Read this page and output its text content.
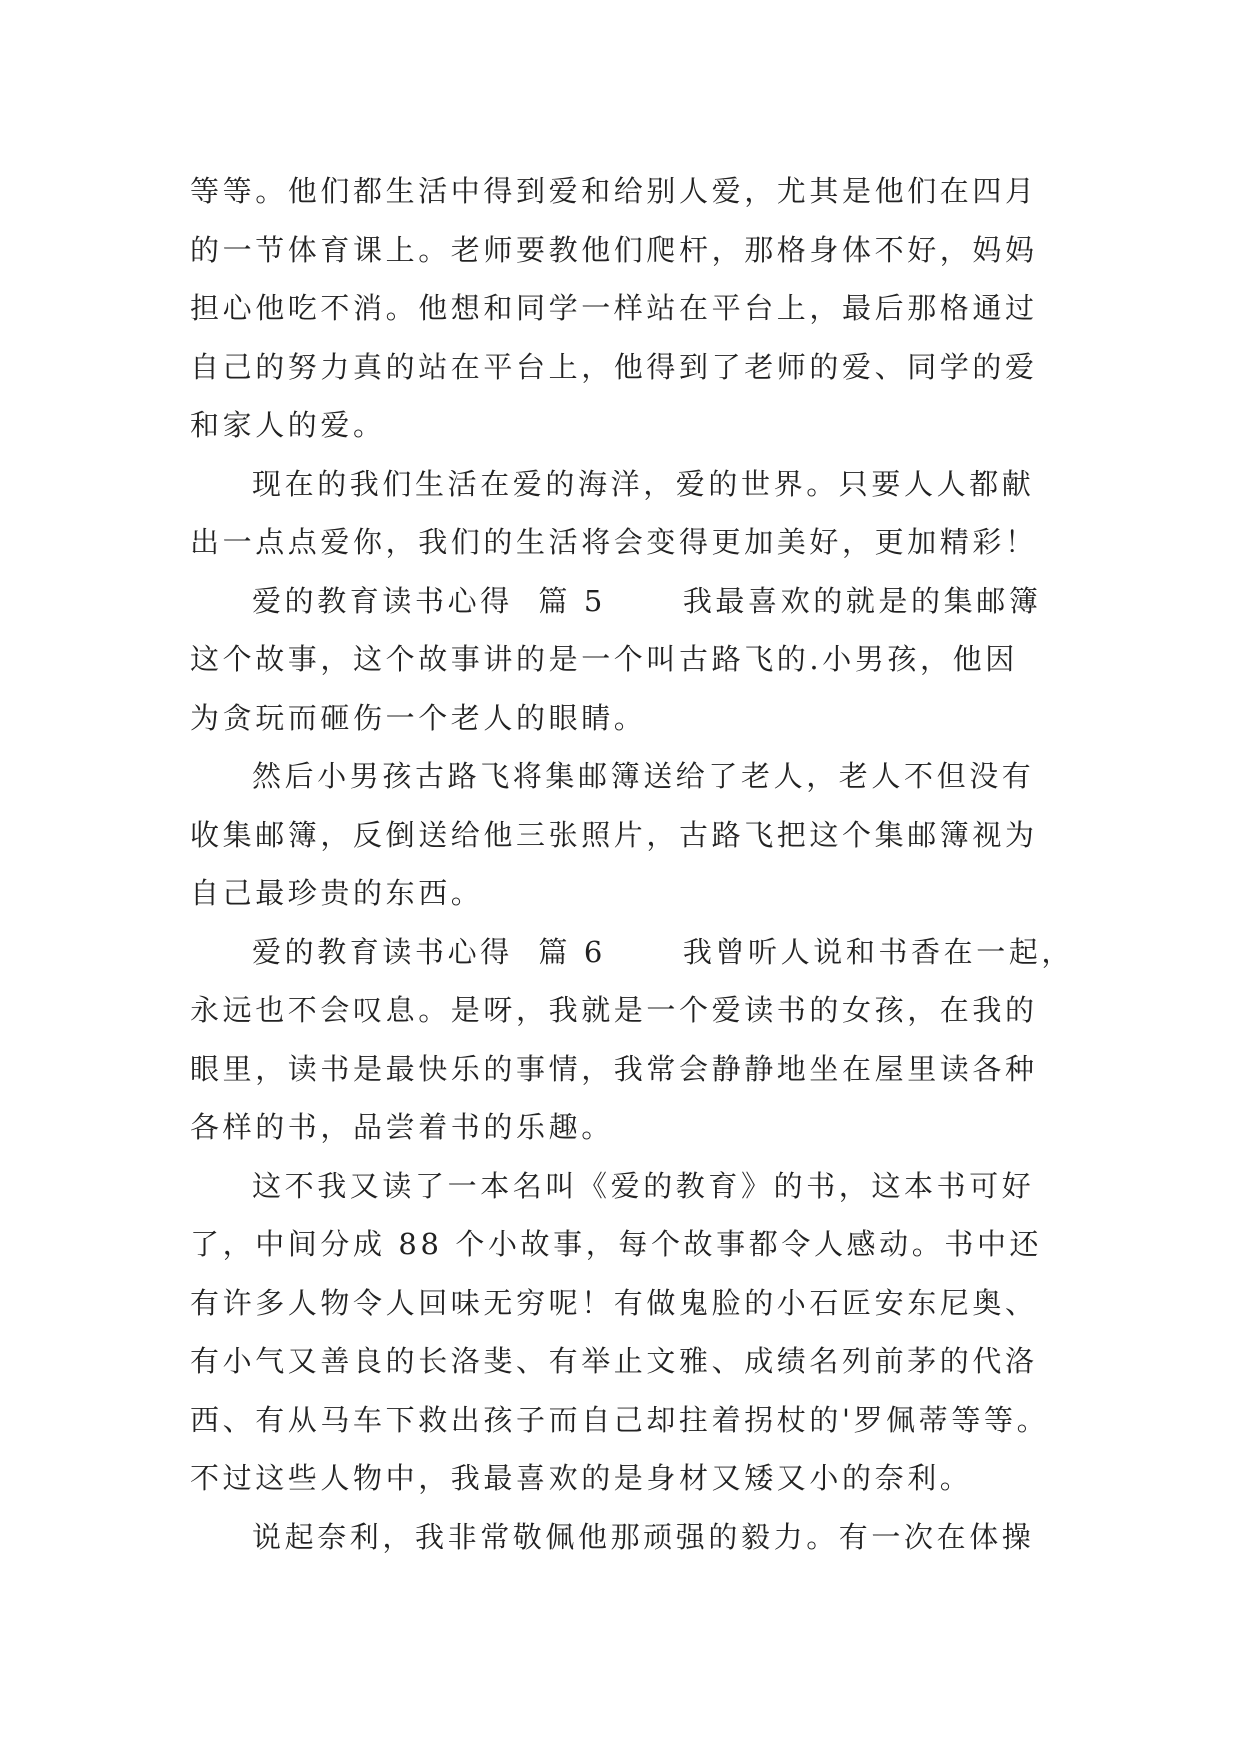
等等。他们都生活中得到爱和给别人爱，尤其是他们在四月
的一节体育课上。老师要教他们爬杆，那格身体不好，妈妈
担心他吃不消。他想和同学一样站在平台上，最后那格通过
自己的努力真的站在平台上，他得到了老师的爱、同学的爱
和家人的爱。
现在的我们生活在爱的海洋，爱的世界。只要人人都献
出一点点爱你，我们的生活将会变得更加美好，更加精彩！
爱的教育读书心得  篇 5      我最喜欢的就是的集邮簿
这个故事，这个故事讲的是一个叫古路飞的.小男孩，他因
为贪玩而砸伤一个老人的眼睛。
然后小男孩古路飞将集邮簿送给了老人，老人不但没有
收集邮簿，反倒送给他三张照片，古路飞把这个集邮簿视为
自己最珍贵的东西。
爱的教育读书心得  篇 6      我曾听人说和书香在一起，
永远也不会叹息。是呀，我就是一个爱读书的女孩，在我的
眼里，读书是最快乐的事情，我常会静静地坐在屋里读各种
各样的书，品尝着书的乐趣。
这不我又读了一本名叫《爱的教育》的书，这本书可好
了，中间分成 88 个小故事，每个故事都令人感动。书中还
有许多人物令人回味无穷呢！有做鬼脸的小石匠安东尼奥、
有小气又善良的长洛斐、有举止文雅、成绩名列前茅的代洛
西、有从马车下救出孩子而自己却拄着拐杖的'罗佩蒂等等。
不过这些人物中，我最喜欢的是身材又矮又小的奈利。
说起奈利，我非常敬佩他那顽强的毅力。有一次在体操
